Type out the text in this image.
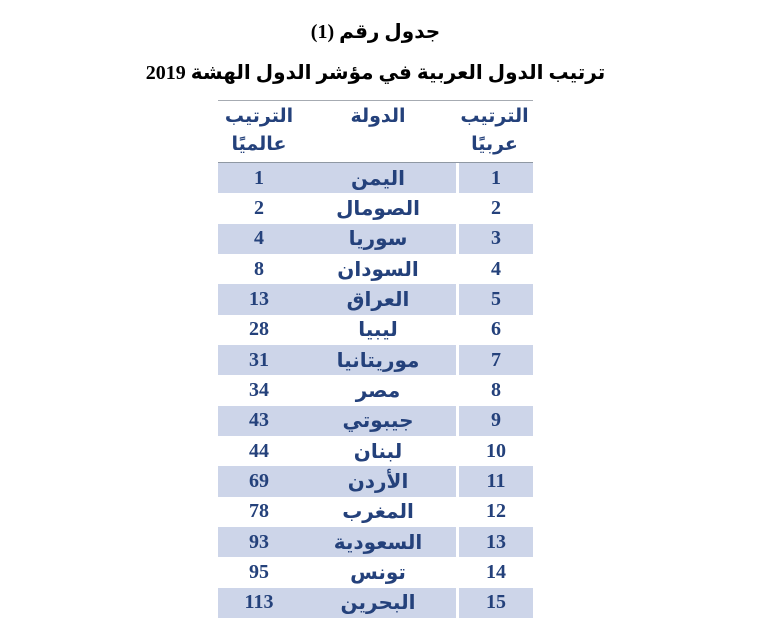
جدول رقم (1)
ترتيب الدول العربية في مؤشر الدول الهشة 2019
الترتيب
عربيًا
الدولة
الترتيب
عالميًا
1
اليمن
1
2
الصومال
2
3
سوريا
4
4
السودان
8
5
العراق
13
6
ليبيا
28
7
موريتانيا
31
8
مصر
34
9
جيبوتي
43
10
لبنان
44
11
الأردن
69
12
المغرب
78
13
السعودية
93
14
تونس
95
15
البحرين
113
